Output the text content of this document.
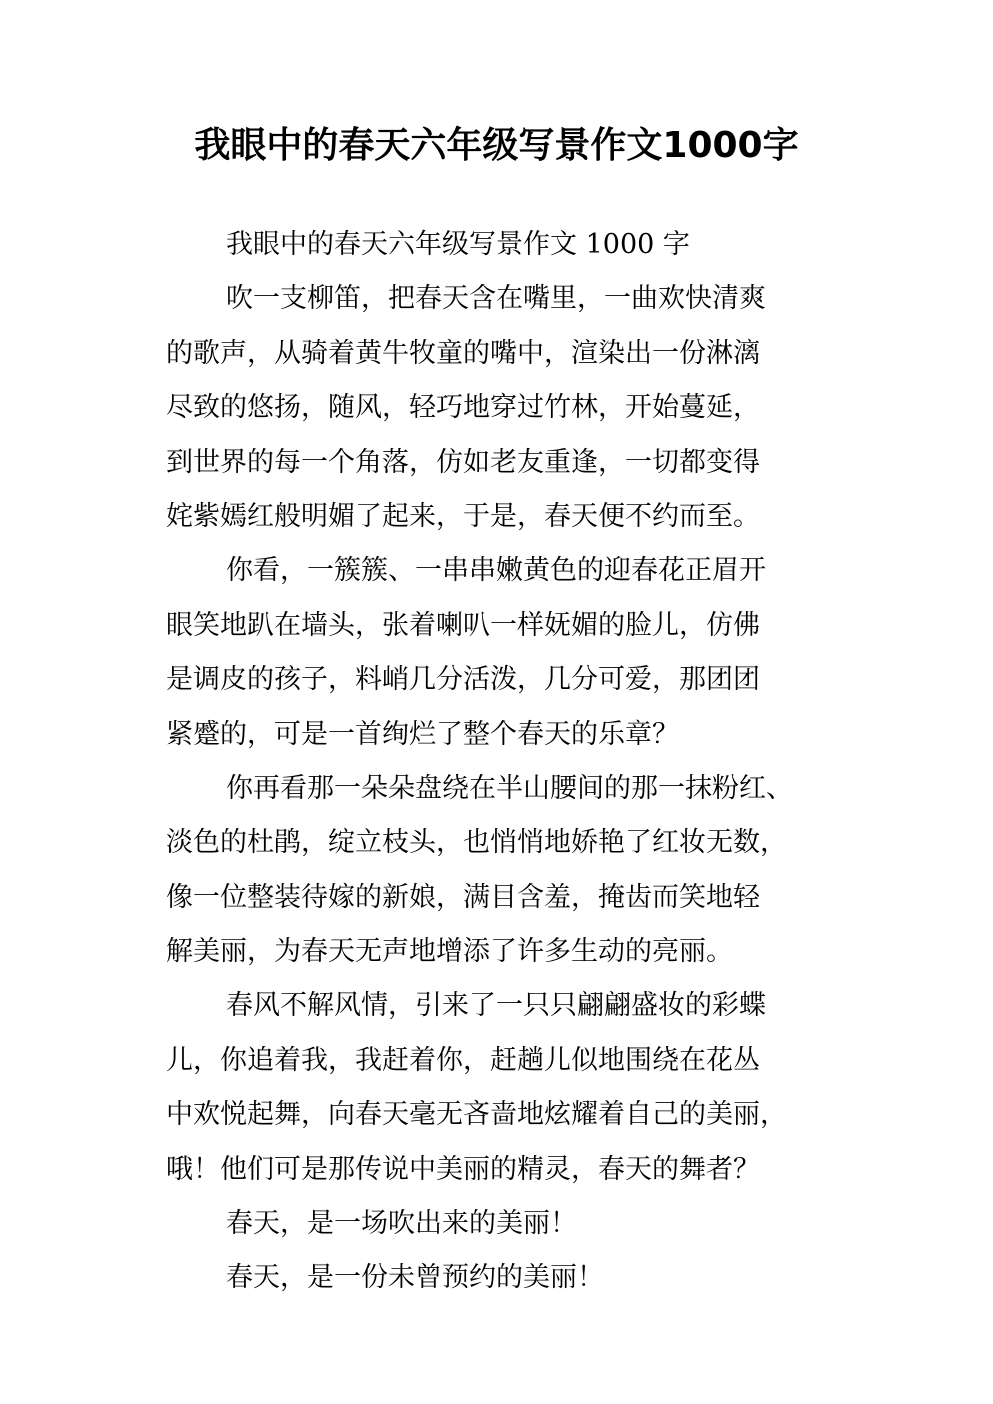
我眼中的春天六年级写景作文1000字
我眼中的春天六年级写景作文 1000 字
吹一支柳笛，把春天含在嘴里，一曲欢快清爽
的歌声，从骑着黄牛牧童的嘴中，渲染出一份淋漓
尽致的悠扬，随风，轻巧地穿过竹林，开始蔓延，
到世界的每一个角落，仿如老友重逢，一切都变得
姹紫嫣红般明媚了起来，于是，春天便不约而至。
你看，一簇簇、一串串嫩黄色的迎春花正眉开
眼笑地趴在墙头，张着喇叭一样妩媚的脸儿，仿佛
是调皮的孩子，料峭几分活泼，几分可爱，那团团
紧蹙的，可是一首绚烂了整个春天的乐章？
你再看那一朵朵盘绕在半山腰间的那一抹粉红、
淡色的杜鹃，绽立枝头，也悄悄地娇艳了红妆无数，
像一位整装待嫁的新娘，满目含羞，掩齿而笑地轻
解美丽，为春天无声地增添了许多生动的亮丽。
春风不解风情，引来了一只只翩翩盛妆的彩蝶
儿，你追着我，我赶着你，赶趟儿似地围绕在花丛
中欢悦起舞，向春天毫无吝啬地炫耀着自己的美丽，
哦！他们可是那传说中美丽的精灵，春天的舞者？
春天，是一场吹出来的美丽！
春天，是一份未曾预约的美丽！
